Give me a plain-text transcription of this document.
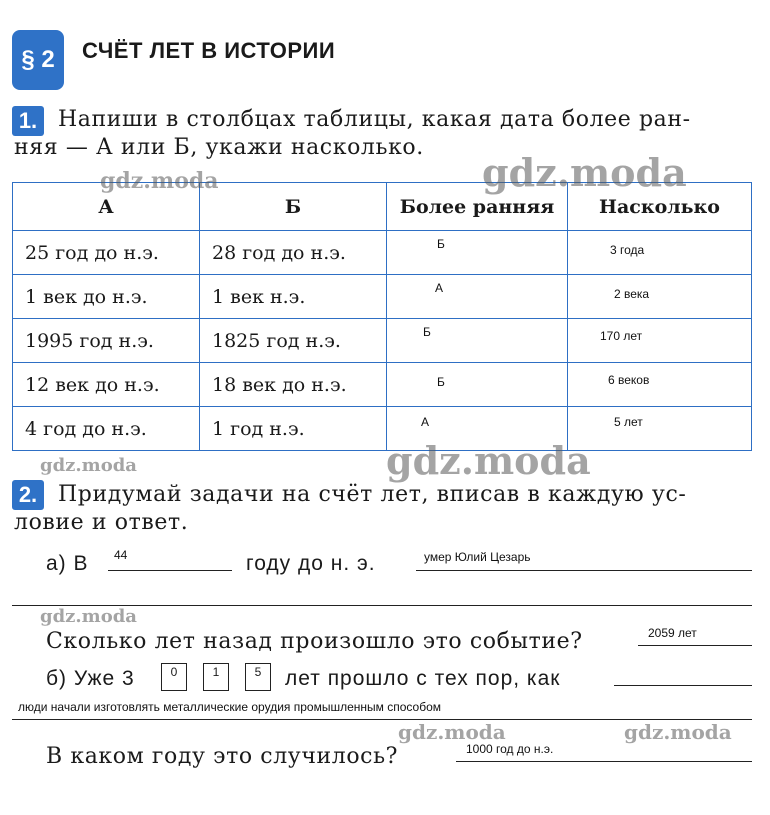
§ 2 СЧЁТ ЛЕТ В ИСТОРИИ
1. Напиши в столбцах таблицы, какая дата более ран-
няя — А или Б, укажи насколько.
А	Б	Более ранняя	Насколько
25 год до н.э.	28 год до н.э.	Б	3 года

1 век до н.э.	1 век н.э.	А	2 века

1995 год н.э.	1825 год н.э.	Б	170 лет

12 век до н.э.	18 век до н.э.	Б	6 веков

4 год до н.э.	1 год н.э.	А	5 лет
2. Придумай задачи на счёт лет, вписав в каждую ус-
ловие и ответ.
а) В 44	году до н. э.	умер Юлий Цезарь
Сколько лет назад произошло это событие?	2059 лет
б) Уже 3	0	1	5	лет прошло с тех пор, как
люди начали изготовлять металлические орудия промышленным способом
В каком году это случилось?	1000 год до н.э.
gdz.moda	gdz.moda
gdz.moda	gdz.moda
gdz.moda
gdz.moda	gdz.moda
